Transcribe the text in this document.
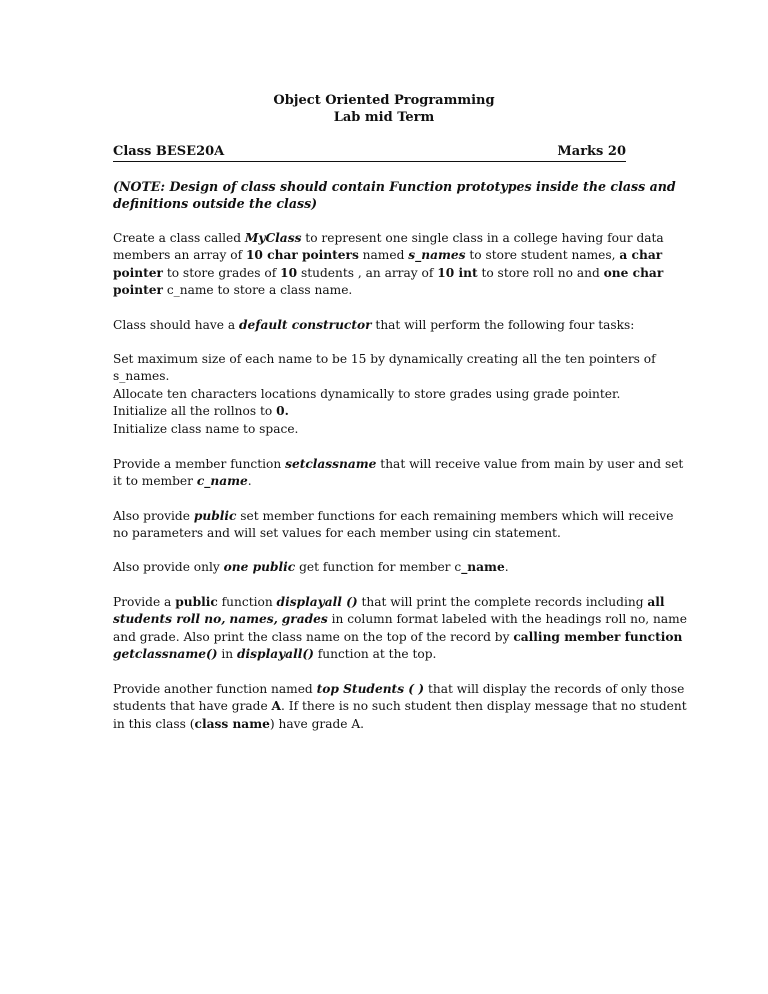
Object Oriented Programming
Lab mid Term
Class BESE20A	Marks 20
(NOTE: Design of class should contain Function prototypes inside the class and
definitions outside the class)
Create a class called MyClass to represent one single class in a college having four data
members an array of 10 char pointers named s_names to store student names, a char
pointer to store grades of 10 students , an array of 10 int to store roll no and one char
pointer c_name to store a class name.
Class should have a default constructor that will perform the following four tasks:
Set maximum size of each name to be 15 by dynamically creating all the ten pointers of
s_names.
Allocate ten characters locations dynamically to store grades using grade pointer.
Initialize all the rollnos to 0.
Initialize class name to space.
Provide a member function setclassname that will receive value from main by user and set
it to member c_name.
Also provide public set member functions for each remaining members which will receive
no parameters and will set values for each member using cin statement.
Also provide only one public get function for member c_name.
Provide a public function displayall () that will print the complete records including all
students roll no, names, grades in column format labeled with the headings roll no, name
and grade. Also print the class name on the top of the record by calling member function
getclassname() in displayall() function at the top.
Provide another function named top Students ( ) that will display the records of only those
students that have grade A. If there is no such student then display message that no student
in this class (class name) have grade A.
